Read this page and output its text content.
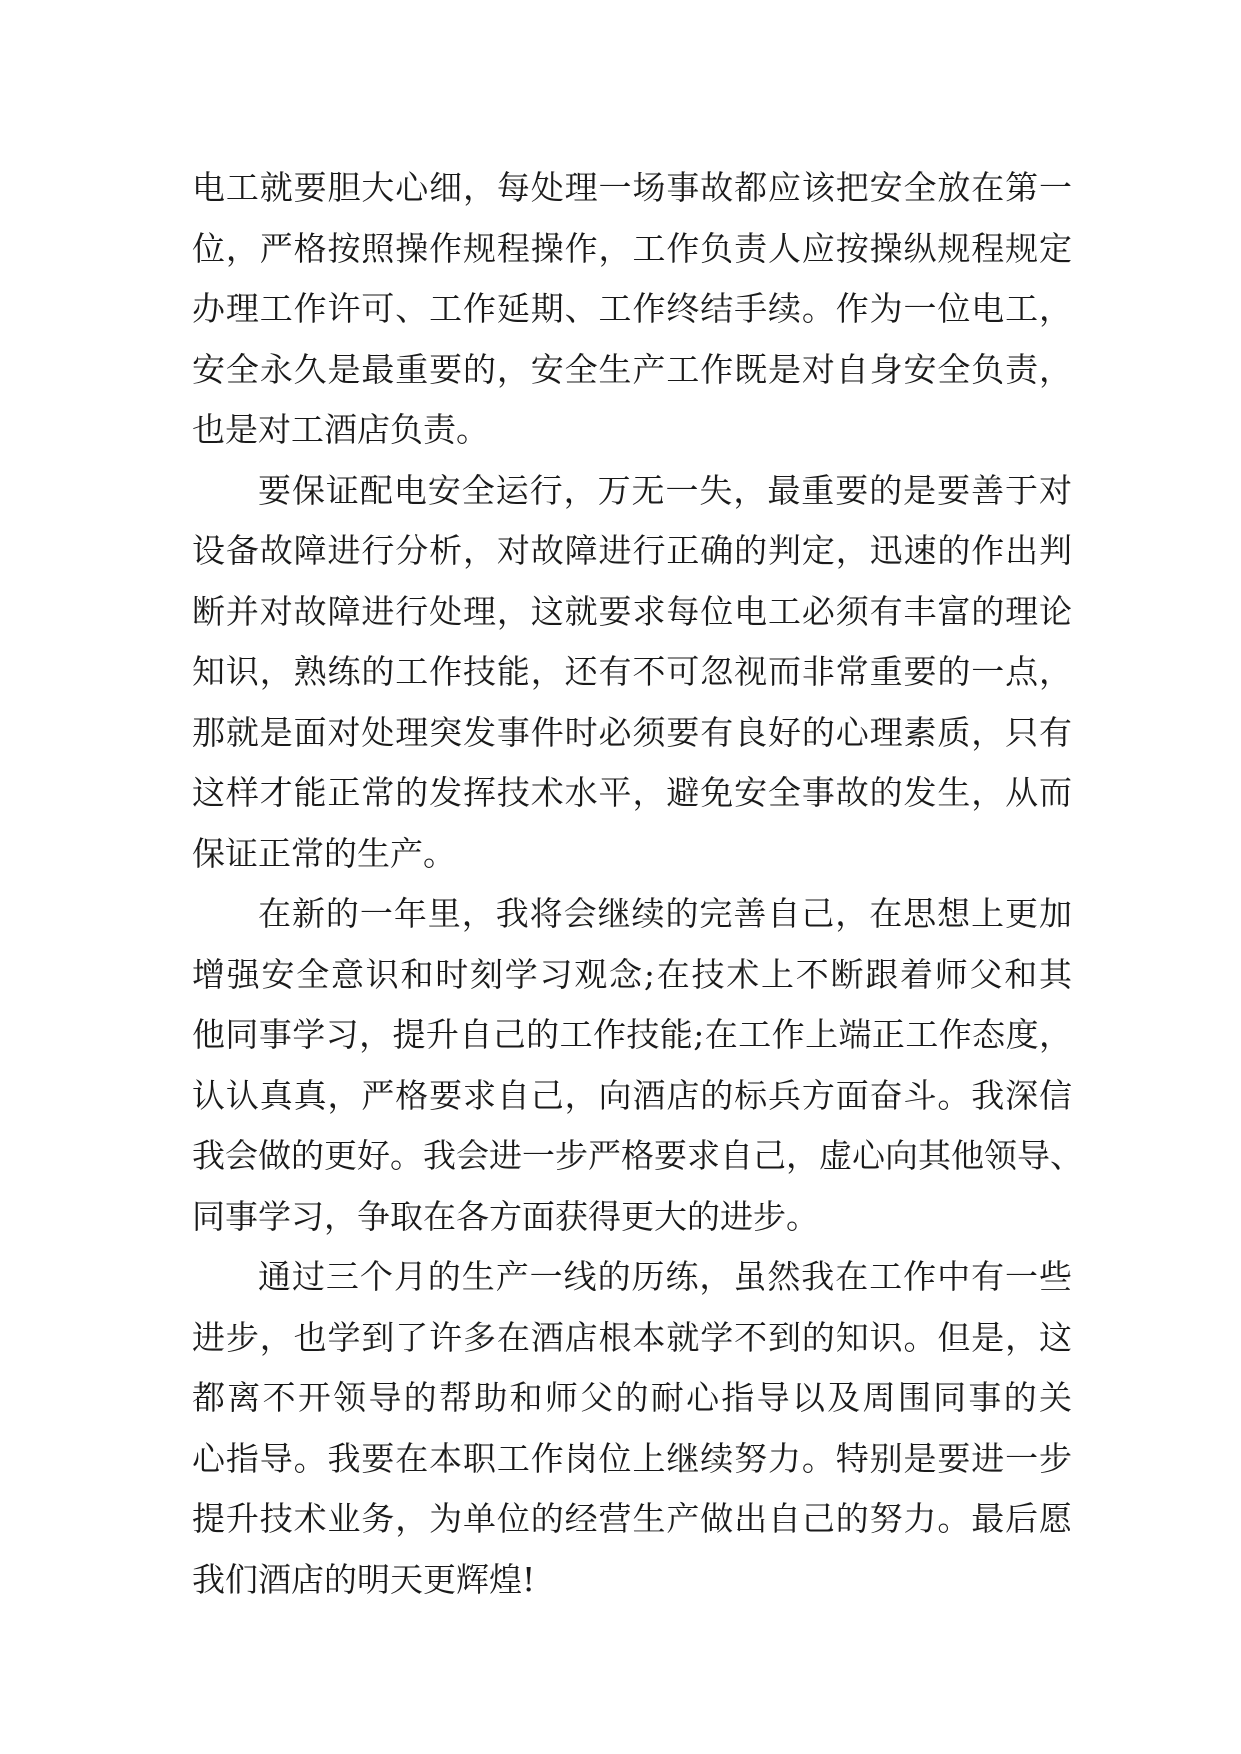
电工就要胆大心细，每处理一场事故都应该把安全放在第一
位，严格按照操作规程操作，工作负责人应按操纵规程规定
办理工作许可、工作延期、工作终结手续。作为一位电工，
安全永久是最重要的，安全生产工作既是对自身安全负责，
也是对工酒店负责。
要保证配电安全运行，万无一失，最重要的是要善于对
设备故障进行分析，对故障进行正确的判定，迅速的作出判
断并对故障进行处理，这就要求每位电工必须有丰富的理论
知识，熟练的工作技能，还有不可忽视而非常重要的一点，
那就是面对处理突发事件时必须要有良好的心理素质，只有
这样才能正常的发挥技术水平，避免安全事故的发生，从而
保证正常的生产。
在新的一年里，我将会继续的完善自己，在思想上更加
增强安全意识和时刻学习观念;在技术上不断跟着师父和其
他同事学习，提升自己的工作技能;在工作上端正工作态度，
认认真真，严格要求自己，向酒店的标兵方面奋斗。我深信
我会做的更好。我会进一步严格要求自己，虚心向其他领导、
同事学习，争取在各方面获得更大的进步。
通过三个月的生产一线的历练，虽然我在工作中有一些
进步，也学到了许多在酒店根本就学不到的知识。但是，这
都离不开领导的帮助和师父的耐心指导以及周围同事的关
心指导。我要在本职工作岗位上继续努力。特别是要进一步
提升技术业务，为单位的经营生产做出自己的努力。最后愿
我们酒店的明天更辉煌!
